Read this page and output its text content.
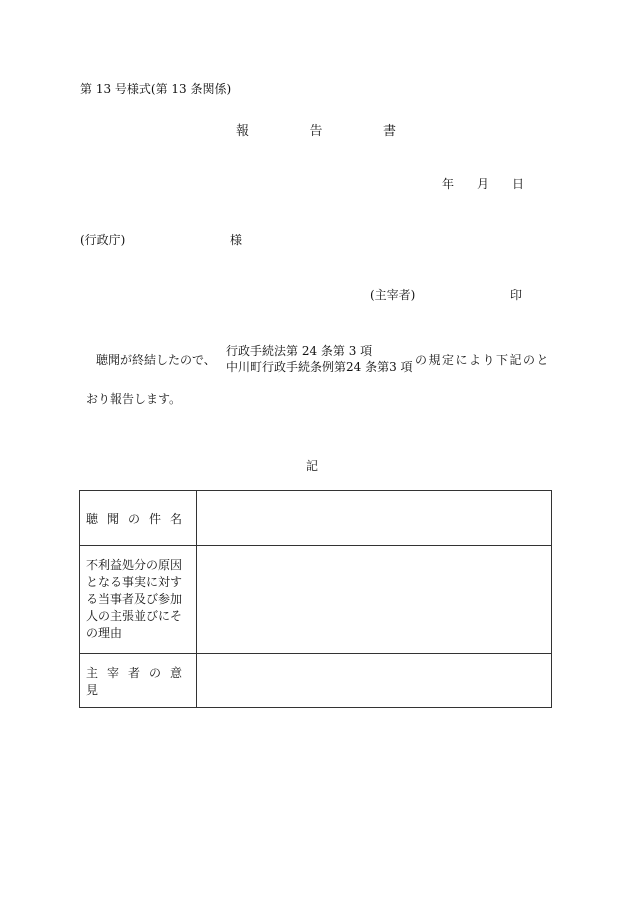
第 13 号様式(第 13 条関係)
報	告	書
年 月 日
(行政庁)	様
(主宰者)	印
聴聞が終結したので、
行政手続法第 24 条第 3 項
中川町行政手続条例第24 条第3 項 の規定により下記のと
おり報告します。
記
聴聞の件名	

不利益処分の原因
となる事実に対す
る当事者及び参加
人の主張並びにそ
の理由	

主宰者の意見	
